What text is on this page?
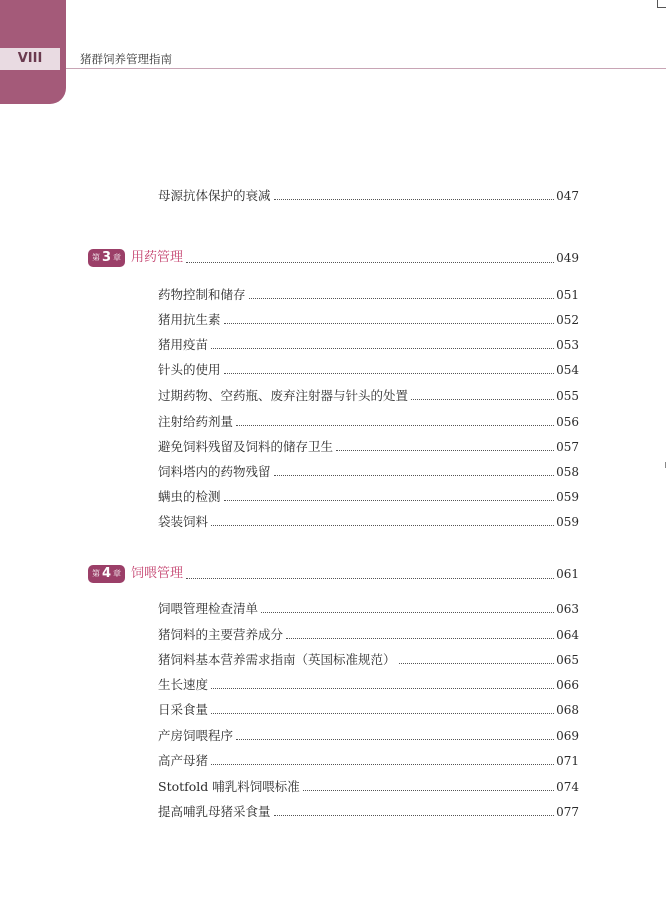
VIII	猪群饲养管理指南
母源抗体保护的衰减	047
第 3 章 用药管理	049
药物控制和储存	051
猪用抗生素	052
猪用疫苗	053
针头的使用	054
过期药物、空药瓶、废弃注射器与针头的处置	055
注射给药剂量	056
避免饲料残留及饲料的储存卫生	057
饲料塔内的药物残留	058
螨虫的检测	059
袋装饲料	059
第 4 章 饲喂管理	061
饲喂管理检查清单	063
猪饲料的主要营养成分	064
猪饲料基本营养需求指南（英国标准规范）	065
生长速度	066
日采食量	068
产房饲喂程序	069
高产母猪	071
Stotfold 哺乳料饲喂标准	074
提高哺乳母猪采食量	077
